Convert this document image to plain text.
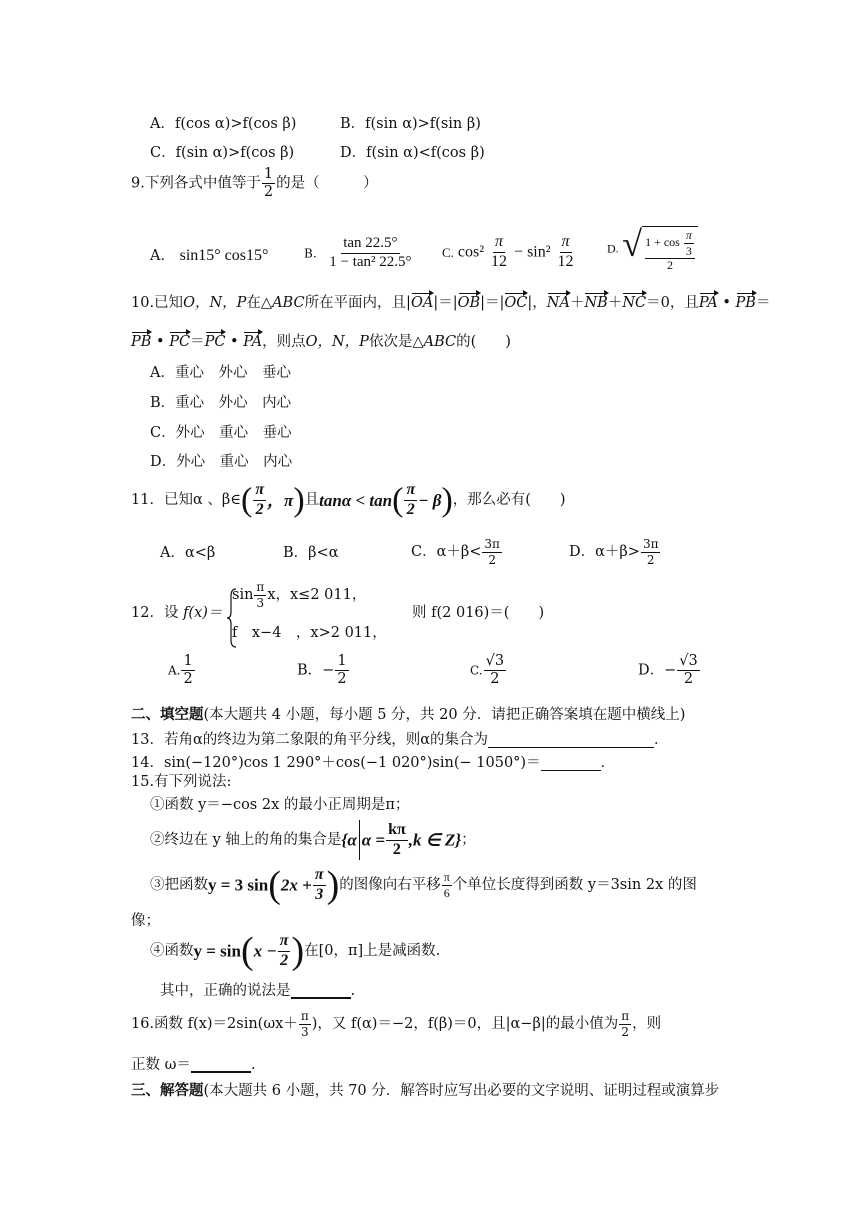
A．f(cos α)>f(cos β)	B．f(sin α)>f(sin β)
C．f(sin α)>f(cos β)	D．f(sin α)<f(cos β)
9.下列各式中值等于 $\frac{1}{2}$ 的是（　　　）
A． sin15° cos15°	B. $\frac{\tan 22.5^\circ}{\text{1 − tan² 22.5°}} C$. $\cos^2 \frac{\pi}{12} - \sin^2 \frac{\pi}{12}$	D. √ $1 + \cos \frac{\pi}{3}$
2
10.已知O，N，P在△ABC所在平面内，且|OA|＝|OB|＝|OC|，NA＋NB＋NC＝0，且PA • PB＝
PB • PC＝PC • PA，则点O，N，P依次是△ABC的(　　)
A．重心　外心　垂心
B．重心　外心　内心
C．外心　重心　垂心
D．外心　重心　内心
11．已知α 、β∈( $\frac{\pi}{2}$ ，π)且$\tan\alpha < \tan( \frac{\pi}{2} - \beta)$，那么必有(　　)
A．α<β	B．β<α	C．$\alpha+\beta< \frac{3\pi}{2}$	D．$\alpha+\beta> \frac{3\pi}{2}$
12．设 f(x)＝
$\sin \frac{\pi}{3}$ x，x≤2 011，
f　x−4　，x>2 011，
则 f(2 016)＝(　　)
A. $\frac{1}{2}$	B．− $\frac{1}{2}$	C. $\frac{√3}{2}$	D．− $\frac{√3}{2}$
二、填空题(本大题共 4 小题，每小题 5 分，共 20 分．请把正确答案填在题中横线上)
13．若角α的终边为第二象限的角平分线，则α的集合为	．
14．sin(−120°)cos 1 290°＋cos(−1 020°)sin(− 1050°)＝	．
15.有下列说法:
①函数 y＝−cos 2x 的最小正周期是π；
②终边在 y 轴上的角的集合是{α $\alpha = \frac{k\pi}{2} ,k$ ∈ Z}；
③把函数y = 3 $\sin(2x + \frac{\pi}{3}$ )的图像向右平移 $\frac{\pi}{6}$ 个单位长度得到函数 y＝3sin 2x 的图
像；
④函数$y = \sin(x - \frac{\pi}{2}$ )在[0，π]上是减函数.
其中，正确的说法是	.
16.函数 $f(x)=2\sin(\omega x+ \frac{\pi}{3}$ )，又 f(α)＝−2，f(β)＝0，且|α−β|的最小值为 $\frac{\pi}{2}$ ，则
正数 ω＝	.
三、解答题(本大题共 6 小题，共 70 分．解答时应写出必要的文字说明、证明过程或演算步
